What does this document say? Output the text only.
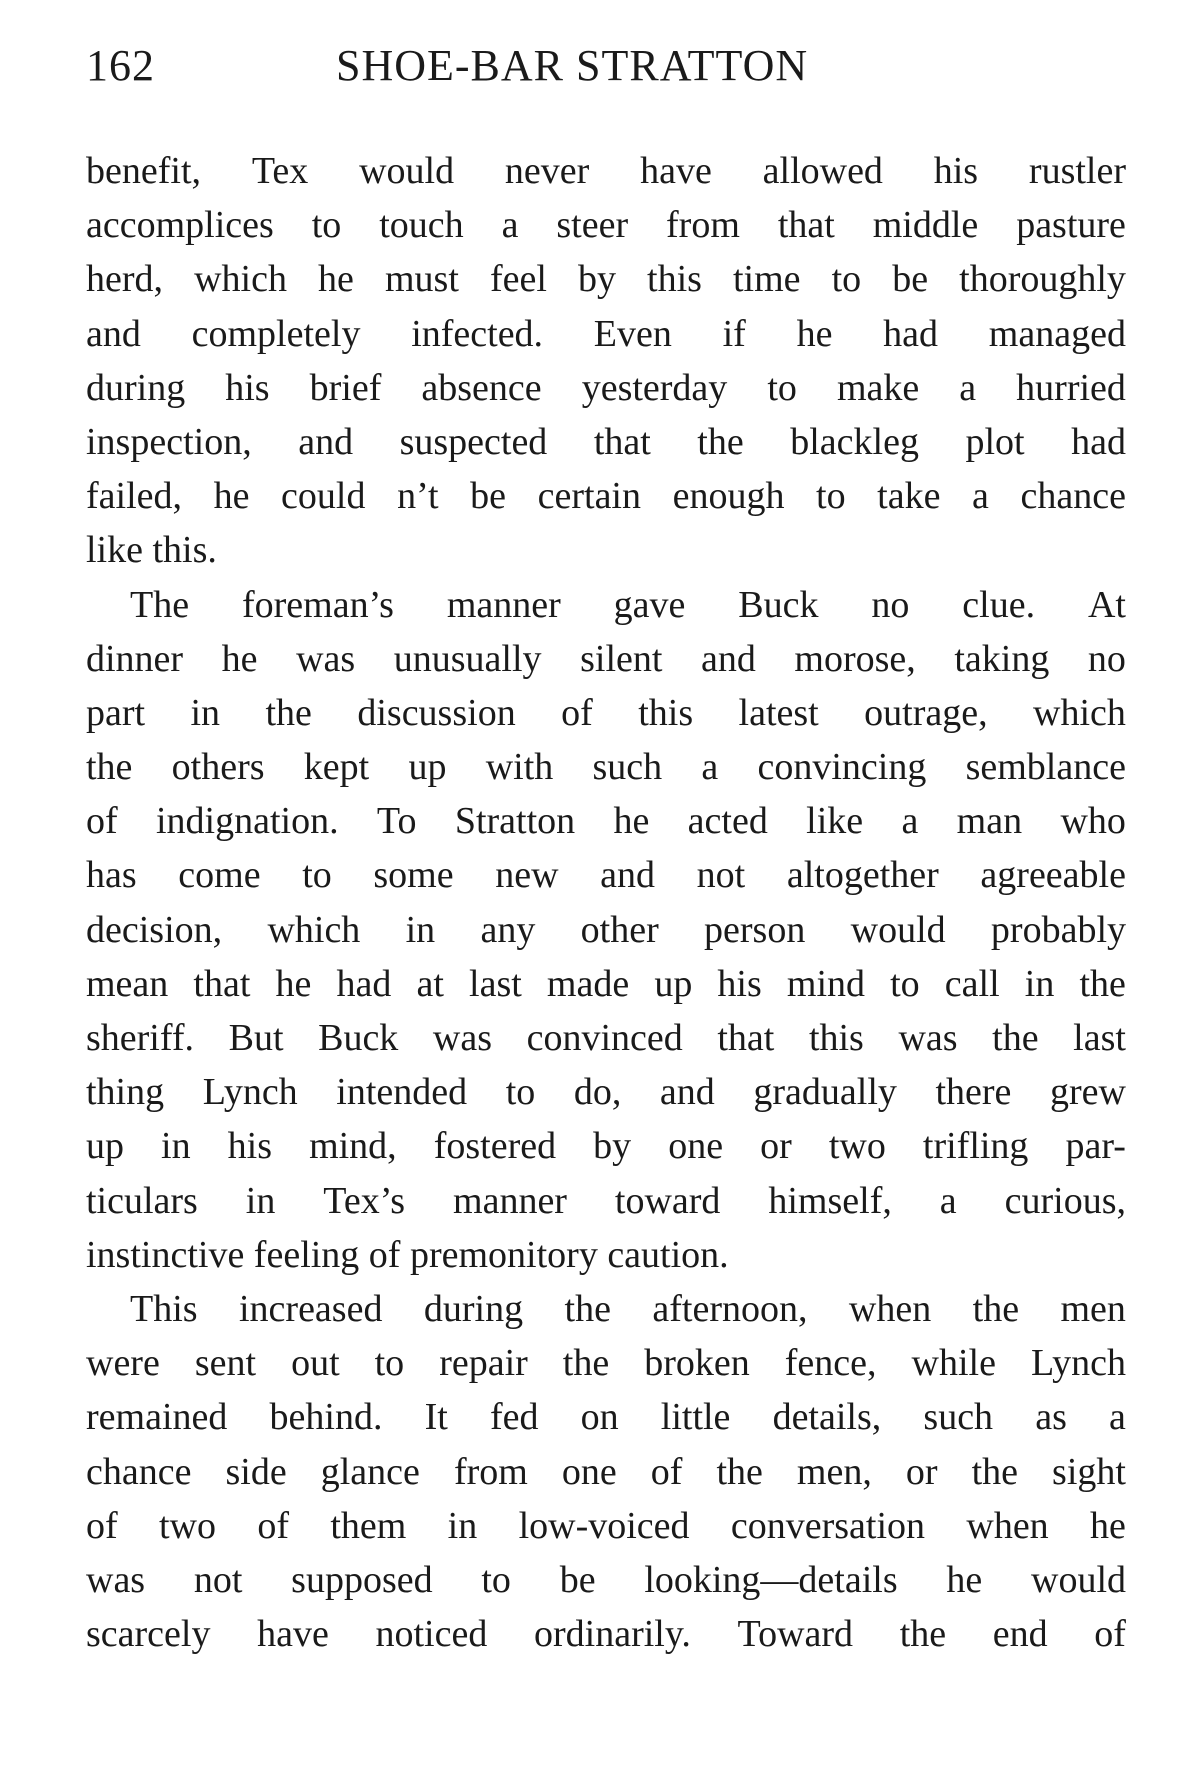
162	SHOE-BAR STRATTON
benefit, Tex would never have allowed his rustler
accomplices to touch a steer from that middle pasture
herd, which he must feel by this time to be thoroughly
and completely infected. Even if he had managed
during his brief absence yesterday to make a hurried
inspection, and suspected that the blackleg plot had
failed, he could n’t be certain enough to take a chance
like this.
The foreman’s manner gave Buck no clue. At
dinner he was unusually silent and morose, taking no
part in the discussion of this latest outrage, which
the others kept up with such a convincing semblance
of indignation. To Stratton he acted like a man who
has come to some new and not altogether agreeable
decision, which in any other person would probably
mean that he had at last made up his mind to call in the
sheriff. But Buck was convinced that this was the last
thing Lynch intended to do, and gradually there grew
up in his mind, fostered by one or two trifling par-
ticulars in Tex’s manner toward himself, a curious,
instinctive feeling of premonitory caution.
This increased during the afternoon, when the men
were sent out to repair the broken fence, while Lynch
remained behind. It fed on little details, such as a
chance side glance from one of the men, or the sight
of two of them in low-voiced conversation when he
was not supposed to be looking—details he would
scarcely have noticed ordinarily. Toward the end of
